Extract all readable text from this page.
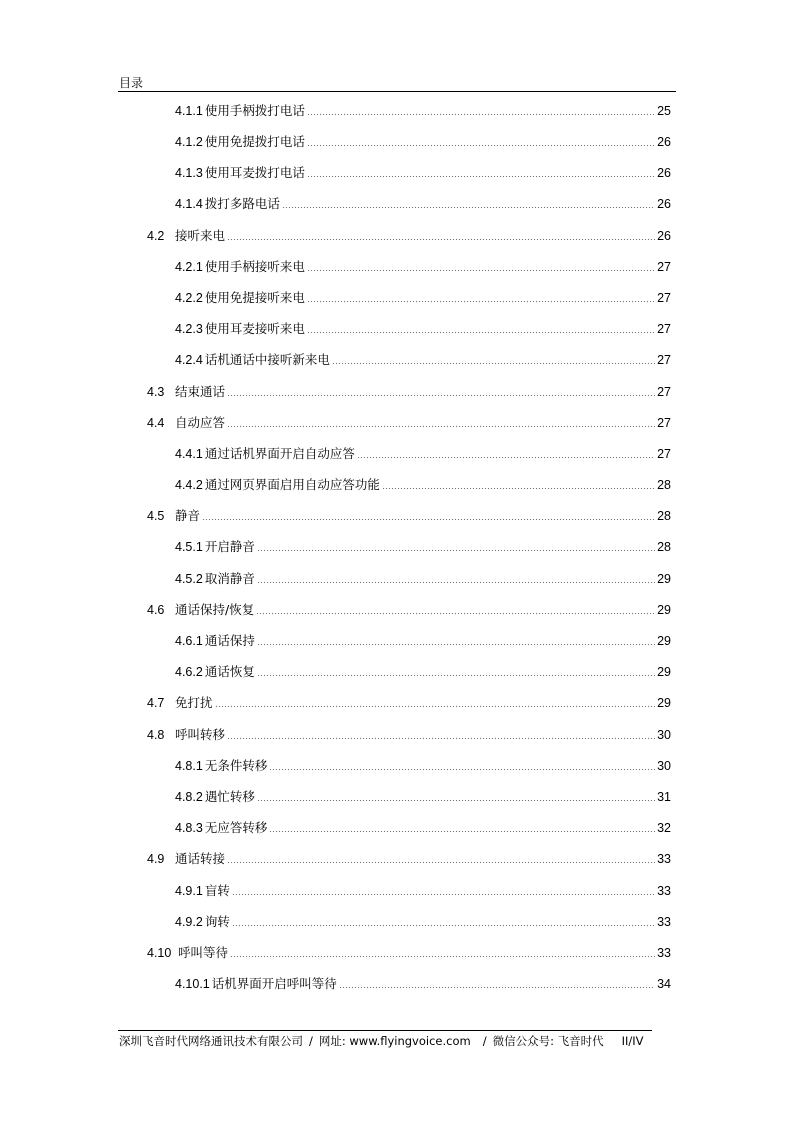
目录
4.1.1 使用手柄拨打电话	25
4.1.2 使用免提拨打电话	26
4.1.3 使用耳麦拨打电话	26
4.1.4 拨打多路电话	26
4.2 接听来电	26
4.2.1 使用手柄接听来电	27
4.2.2 使用免提接听来电	27
4.2.3 使用耳麦接听来电	27
4.2.4 话机通话中接听新来电	27
4.3 结束通话	27
4.4 自动应答	27
4.4.1 通过话机界面开启自动应答	27
4.4.2 通过网页界面启用自动应答功能	28
4.5 静音	28
4.5.1 开启静音	28
4.5.2 取消静音	29
4.6 通话保持/恢复	29
4.6.1 通话保持	29
4.6.2 通话恢复	29
4.7 免打扰	29
4.8 呼叫转移	30
4.8.1 无条件转移	30
4.8.2 遇忙转移	31
4.8.3 无应答转移	32
4.9 通话转接	33
4.9.1 盲转	33
4.9.2 询转	33
4.10 呼叫等待	33
4.10.1 话机界面开启呼叫等待	34
深圳飞音时代网络通讯技术有限公司 / 网址: www.flyingvoice.com / 微信公众号: 飞音时代 II/IV
